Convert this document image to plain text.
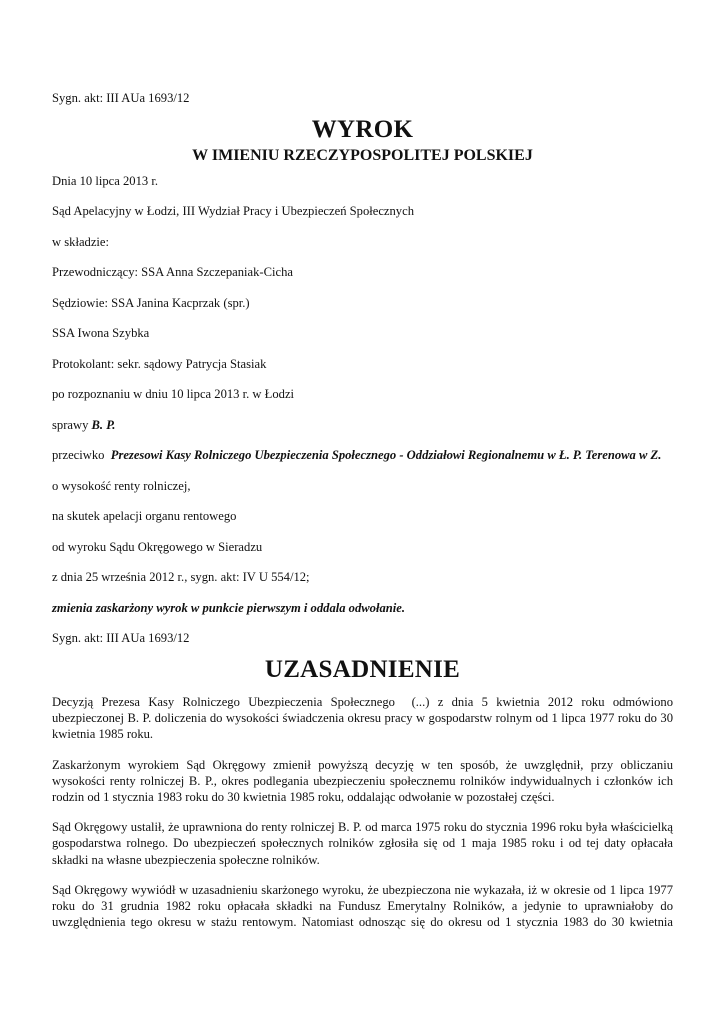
Sygn. akt: III AUa 1693/12

WYROK
W IMIENIU RZECZYPOSPOLITEJ POLSKIEJ

Dnia 10 lipca 2013 r.

Sąd Apelacyjny w Łodzi, III Wydział Pracy i Ubezpieczeń Społecznych

w składzie:

Przewodniczący: SSA Anna Szczepaniak-Cicha

Sędziowie: SSA Janina Kacprzak (spr.)

SSA Iwona Szybka

Protokolant: sekr. sądowy Patrycja Stasiak

po rozpoznaniu w dniu 10 lipca 2013 r. w Łodzi

sprawy B. P.

przeciwko  Prezesowi Kasy Rolniczego Ubezpieczenia Społecznego - Oddziałowi Regionalnemu w Ł. P. Terenowa w Z.

o wysokość renty rolniczej,

na skutek apelacji organu rentowego

od wyroku Sądu Okręgowego w Sieradzu

z dnia 25 września 2012 r., sygn. akt: IV U 554/12;

zmienia zaskarżony wyrok w punkcie pierwszym i oddala odwołanie.

Sygn. akt: III AUa 1693/12

UZASADNIENIE

Decyzją Prezesa Kasy Rolniczego Ubezpieczenia Społecznego  (...) z dnia 5 kwietnia 2012 roku odmówiono ubezpieczonej B. P. doliczenia do wysokości świadczenia okresu pracy w gospodarstw rolnym od 1 lipca 1977 roku do 30 kwietnia 1985 roku.

Zaskarżonym wyrokiem Sąd Okręgowy zmienił powyższą decyzję w ten sposób, że uwzględnił, przy obliczaniu wysokości renty rolniczej B. P., okres podlegania ubezpieczeniu społecznemu rolników indywidualnych i członków ich rodzin od 1 stycznia 1983 roku do 30 kwietnia 1985 roku, oddalając odwołanie w pozostałej części.

Sąd Okręgowy ustalił, że uprawniona do renty rolniczej B. P. od marca 1975 roku do stycznia 1996 roku była właścicielką gospodarstwa rolnego. Do ubezpieczeń społecznych rolników zgłosiła się od 1 maja 1985 roku i od tej daty opłacała składki na własne ubezpieczenia społeczne rolników.

Sąd Okręgowy wywiódł w uzasadnieniu skarżonego wyroku, że ubezpieczona nie wykazała, iż w okresie od 1 lipca 1977 roku do 31 grudnia 1982 roku opłacała składki na Fundusz Emerytalny Rolników, a jedynie to uprawniałoby do uwzględnienia tego okresu w stażu rentowym. Natomiast odnosząc się do okresu od 1 stycznia 1983 do 30 kwietnia
